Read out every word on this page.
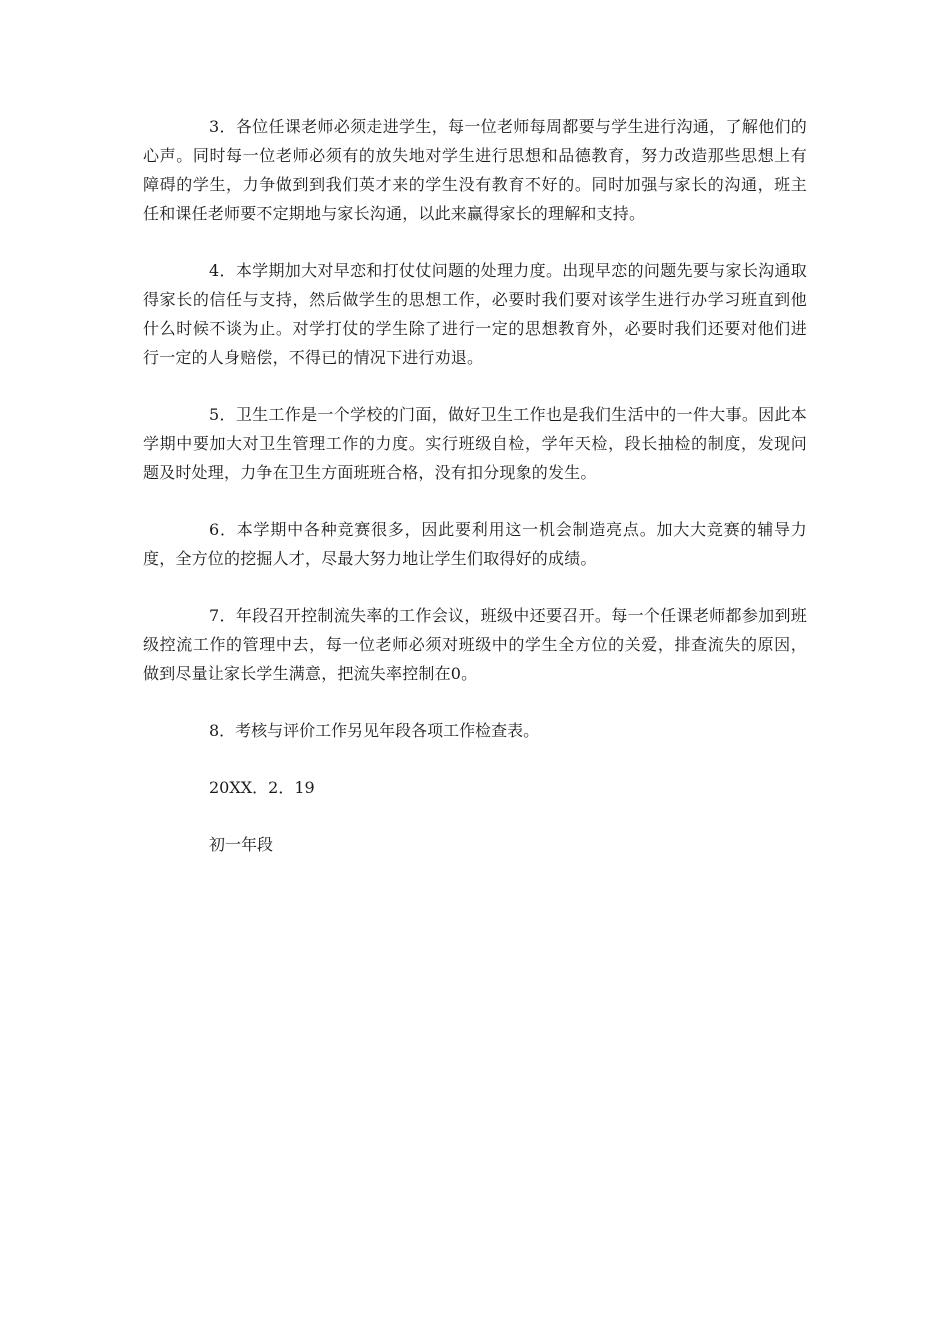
3．各位任课老师必须走进学生，每一位老师每周都要与学生进行沟通，了解他们的心声。同时每一位老师必须有的放失地对学生进行思想和品德教育，努力改造那些思想上有障碍的学生，力争做到到我们英才来的学生没有教育不好的。同时加强与家长的沟通，班主任和课任老师要不定期地与家长沟通，以此来赢得家长的理解和支持。

4．本学期加大对早恋和打仗仗问题的处理力度。出现早恋的问题先要与家长沟通取得家长的信任与支持，然后做学生的思想工作，必要时我们要对该学生进行办学习班直到他什么时候不谈为止。对学打仗的学生除了进行一定的思想教育外，必要时我们还要对他们进行一定的人身赔偿，不得已的情况下进行劝退。

5．卫生工作是一个学校的门面，做好卫生工作也是我们生活中的一件大事。因此本学期中要加大对卫生管理工作的力度。实行班级自检，学年天检，段长抽检的制度，发现问题及时处理，力争在卫生方面班班合格，没有扣分现象的发生。

6．本学期中各种竞赛很多，因此要利用这一机会制造亮点。加大大竞赛的辅导力度，全方位的挖掘人才，尽最大努力地让学生们取得好的成绩。

7．年段召开控制流失率的工作会议，班级中还要召开。每一个任课老师都参加到班级控流工作的管理中去，每一位老师必须对班级中的学生全方位的关爱，排查流失的原因，做到尽量让家长学生满意，把流失率控制在0。

8．考核与评价工作另见年段各项工作检查表。

20XX．2．19

初一年段
